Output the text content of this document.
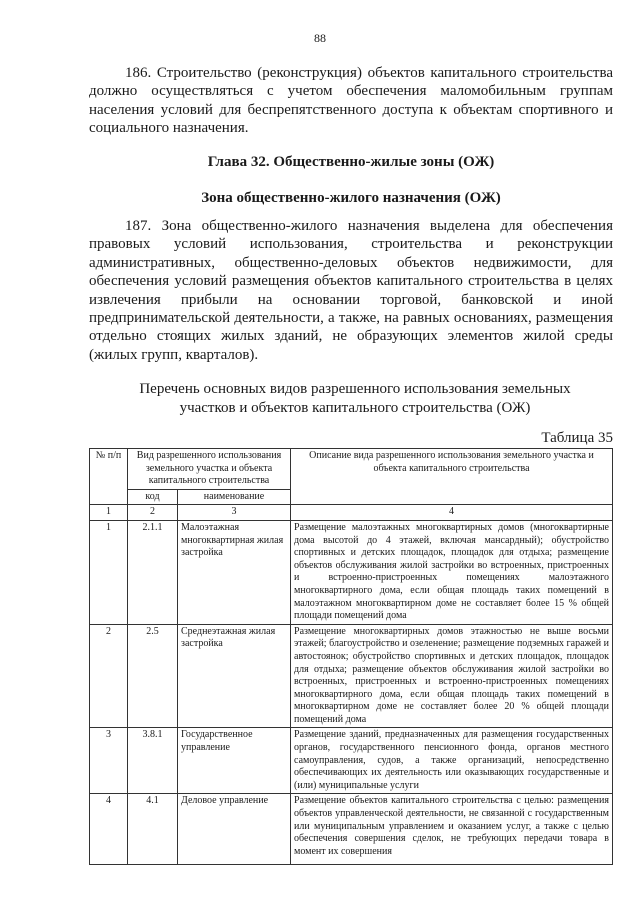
88

186. Строительство (реконструкция) объектов капитального строительства должно осуществляться с учетом обеспечения маломобильным группам населения условий для беспрепятственного доступа к объектам спортивного и социального назначения.

Глава 32. Общественно-жилые зоны (ОЖ)
Зона общественно-жилого назначения (ОЖ)

187. Зона общественно-жилого назначения выделена для обеспечения правовых условий использования, строительства и реконструкции административных, общественно-деловых объектов недвижимости, для обеспечения условий размещения объектов капитального строительства в целях извлечения прибыли на основании торговой, банковской и иной предпринимательской деятельности, а также, на равных основаниях, размещения отдельно стоящих жилых зданий, не образующих элементов жилой среды (жилых групп, кварталов).

Перечень основных видов разрешенного использования земельных участков и объектов капитального строительства (ОЖ)
Таблица 35
№ п/п	Вид разрешенного использования земельного участка и объекта капитального строительства		Описание вида разрешенного использования земельного участка и объекта капитального строительства
	код	наименование	
1	2	3	4
1	2.1.1	Малоэтажная многоквартирная жилая застройка	Размещение малоэтажных многоквартирных домов (многоквартирные дома высотой до 4 этажей, включая мансардный); обустройство спортивных и детских площадок, площадок для отдыха; размещение объектов обслуживания жилой застройки во встроенных, пристроенных и встроенно-пристроенных помещениях малоэтажного многоквартирного дома, если общая площадь таких помещений в малоэтажном многоквартирном доме не составляет более 15 % общей площади помещений дома
2	2.5	Среднеэтажная жилая застройка	Размещение многоквартирных домов этажностью не выше восьми этажей; благоустройство и озеленение; размещение подземных гаражей и автостоянок; обустройство спортивных и детских площадок, площадок для отдыха; размещение объектов обслуживания жилой застройки во встроенных, пристроенных и встроенно-пристроенных помещениях многоквартирного дома, если общая площадь таких помещений в многоквартирном доме не составляет более 20 % общей площади помещений дома
3	3.8.1	Государственное управление	Размещение зданий, предназначенных для размещения государственных органов, государственного пенсионного фонда, органов местного самоуправления, судов, а также организаций, непосредственно обеспечивающих их деятельность или оказывающих государственные и (или) муниципальные услуги
4	4.1	Деловое управление	Размещение объектов капитального строительства с целью: размещения объектов управленческой деятельности, не связанной с государственным или муниципальным управлением и оказанием услуг, а также с целью обеспечения совершения сделок, не требующих передачи товара в момент их совершения
